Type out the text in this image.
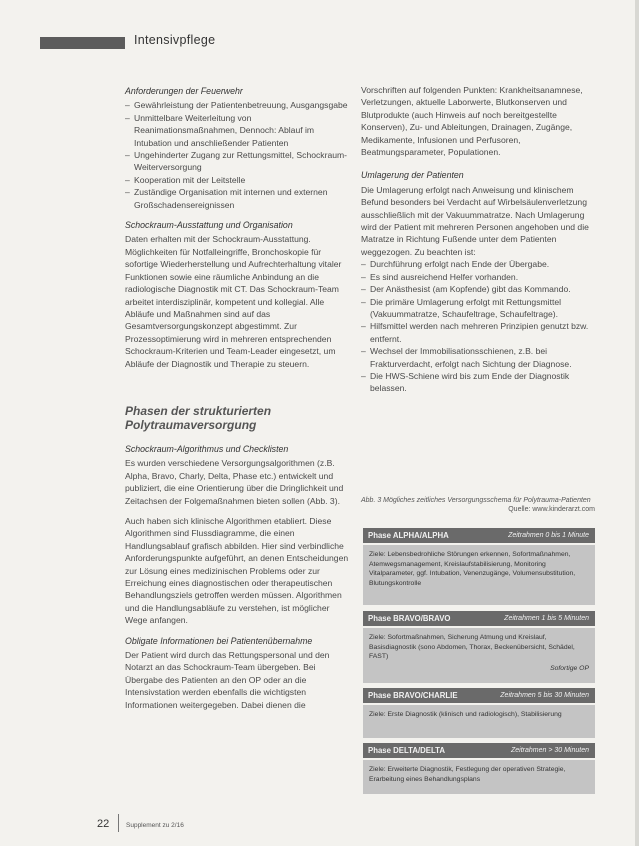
Intensivpflege
Anforderungen der Feuerwehr
– Gewährleistung der Patientenbetreuung, Ausgangsgabe
– Unmittelbare Weiterleitung von Reanimationsmaßnahmen, Dennoch: Ablauf im Intubation und anschließender Patienten
– Ungehinderter Zugang zur Rettungsmittel, Schockraum-Weiterversorgung
– Kooperation mit der Leitstelle
– Zuständige Organisation mit internen und externen Großschadensereignissen
Schockraum-Ausstattung und Organisation

Daten erhalten mit der Schockraum-Ausstattung. Möglichkeiten für Notfalleingriffe, Bronchoskopie für sofortige Wiederherstellung und Aufrechterhaltung vitaler Funktionen sowie eine räumliche Anbindung an die radiologische Diagnostik mit CT. Das Schockraum-Team arbeitet interdisziplinär, kompetent und kollegial. Alle Abläufe und Maßnahmen sind auf das Gesamtversorgungskonzept abgestimmt. Zur Prozessoptimierung wird in mehreren entsprechenden Schockraum-Kriterien und Team-Leader eingesetzt, um Abläufe der Diagnostik und Therapie zu steuern.

Phasen der strukturierten Polytraumaversorgung
Schockraum-Algorithmus und Checklisten

Es wurden verschiedene Versorgungsalgorithmen (z.B. Alpha, Bravo, Charly, Delta, Phase etc.) entwickelt und publiziert, die eine Orientierung über die Dringlichkeit und Zeitachsen der Folgemaßnahmen bieten sollen (Abb. 3).

Auch haben sich klinische Algorithmen etabliert. Diese Algorithmen sind Flussdiagramme, die einen Handlungsablauf grafisch abbilden. Hier sind verbindliche Anforderungspunkte aufgeführt, an denen Entscheidungen zur Lösung eines medizinischen Problems oder zur Erreichung eines diagnostischen oder therapeutischen Behandlungsziels getroffen werden müssen. Algorithmen und die Handlungsabläufe zu verstehen, ist möglicher Wege anfangen.

Obligate Informationen bei Patientenübernahme

Der Patient wird durch das Rettungspersonal und den Notarzt an das Schockraum-Team übergeben. Bei Übergabe des Patienten an den OP oder an die Intensivstation werden ebenfalls die wichtigsten Informationen weitergegeben. Dabei dienen die

Vorschriften auf folgenden Punkten: Krankheitsanamnese, Verletzungen, aktuelle Laborwerte, Blutkonserven und Blutprodukte (auch Hinweis auf noch bereitgestellte Konserven), Zu- und Ableitungen, Drainagen, Zugänge, Medikamente, Infusionen und Perfusoren, Beatmungsparameter, Populationen.

Umlagerung der Patienten

Die Umlagerung erfolgt nach Anweisung und klinischem Befund besonders bei Verdacht auf Wirbelsäulenverletzung ausschließlich mit der Vakuummatratze. Nach Umlagerung wird der Patient mit mehreren Personen angehoben und die Matratze in Richtung Fußende unter dem Patienten weggezogen. Zu beachten ist:

– Durchführung erfolgt nach Ende der Übergabe.
– Es sind ausreichend Helfer vorhanden.
– Der Anästhesist (am Kopfende) gibt das Kommando.
– Die primäre Umlagerung erfolgt mit Rettungsmittel (Vakuummatratze, Schaufeltrage, Schaufeltrage).
– Hilfsmittel werden nach mehreren Prinzipien genutzt bzw. entfernt.
– Wechsel der Immobilisationsschienen, z.B. bei Frakturverdacht, erfolgt nach Sichtung der Diagnose.
– Die HWS-Schiene wird bis zum Ende der Diagnostik belassen.
Abb. 3 Mögliches zeitliches Versorgungsschema für Polytrauma-Patienten
Quelle: www.kinderarzt.com
Phase ALPHA/ALPHA	Zeitrahmen 0 bis 1 Minute
Ziele: Lebensbedrohliche Störungen erkennen, Sofortmaßnahmen, Atemwegsmanagement, Kreislaufstabilisierung, Monitoring Vitalparameter, ggf. Intubation, Venenzugänge, Volumensubstitution, Blutungskontrolle
Phase BRAVO/BRAVO	Zeitrahmen 1 bis 5 Minuten
Ziele: Sofortmaßnahmen, Sicherung Atmung und Kreislauf, Basisdiagnostik (sono Abdomen, Thorax, Beckenübersicht, Schädel, FAST)
Sofortige OP
Phase BRAVO/CHARLIE	Zeitrahmen 5 bis 30 Minuten
Ziele: Erste Diagnostik (klinisch und radiologisch), Stabilisierung
Phase DELTA/DELTA	Zeitrahmen > 30 Minuten
Ziele: Erweiterte Diagnostik, Festlegung der operativen Strategie, Erarbeitung eines Behandlungsplans
22	Supplement zu 2/16
